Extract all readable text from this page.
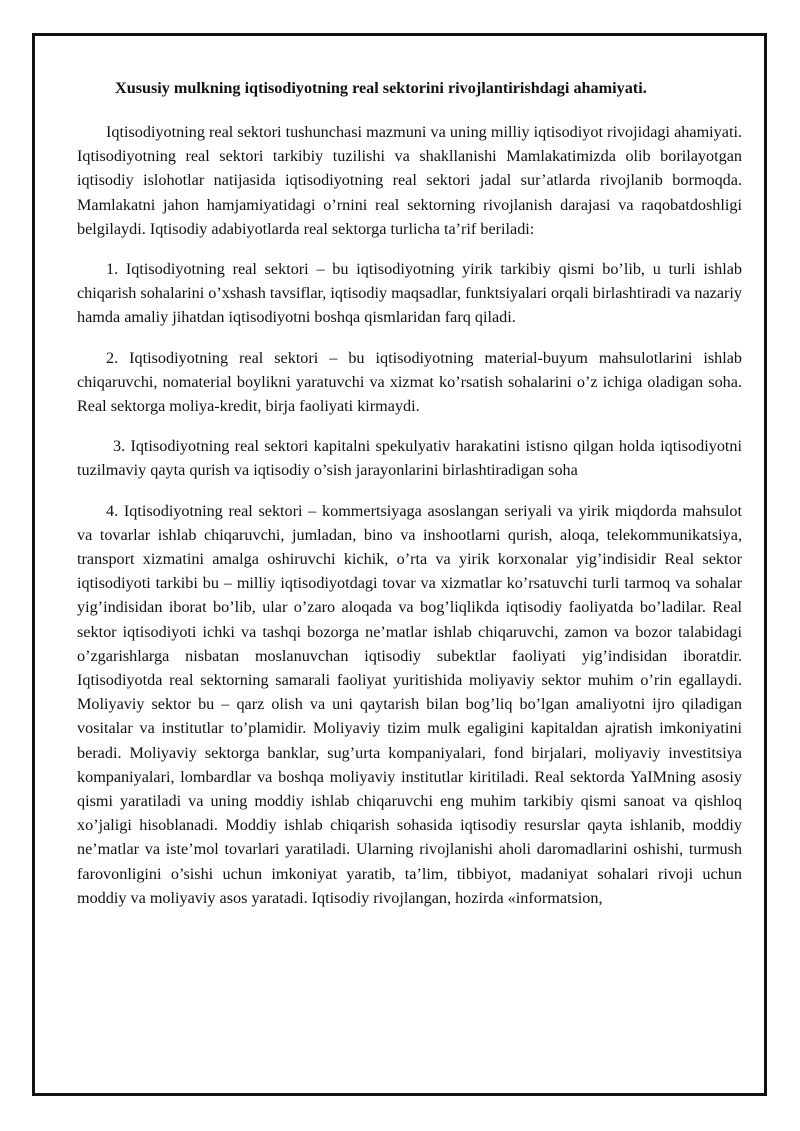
Xususiy mulkning iqtisodiyotning real sektorini rivojlantirishdagi ahamiyati.

Iqtisodiyotning real sektori tushunchasi mazmuni va uning milliy iqtisodiyot rivojidagi ahamiyati. Iqtisodiyotning real sektori tarkibiy tuzilishi va shakllanishi Mamlakatimizda olib borilayotgan iqtisodiy islohotlar natijasida iqtisodiyotning real sektori jadal sur’atlarda rivojlanib bormoqda. Mamlakatni jahon hamjamiyatidagi o’rnini real sektorning rivojlanish darajasi va raqobatdoshligi belgilaydi. Iqtisodiy adabiyotlarda real sektorga turlicha ta’rif beriladi:

1. Iqtisodiyotning real sektori – bu iqtisodiyotning yirik tarkibiy qismi bo’lib, u turli ishlab chiqarish sohalarini o’xshash tavsiflar, iqtisodiy maqsadlar, funktsiyalari orqali birlashtiradi va nazariy hamda amaliy jihatdan iqtisodiyotni boshqa qismlaridan farq qiladi.

2. Iqtisodiyotning real sektori – bu iqtisodiyotning material-buyum mahsulotlarini ishlab chiqaruvchi, nomaterial boylikni yaratuvchi va xizmat ko’rsatish sohalarini o’z ichiga oladigan soha. Real sektorga moliya-kredit, birja faoliyati kirmaydi.

3. Iqtisodiyotning real sektori kapitalni spekulyativ harakatini istisno qilgan holda iqtisodiyotni tuzilmaviy qayta qurish va iqtisodiy o’sish jarayonlarini birlashtiradigan soha

4. Iqtisodiyotning real sektori – kommertsiyaga asoslangan seriyali va yirik miqdorda mahsulot va tovarlar ishlab chiqaruvchi, jumladan, bino va inshootlarni qurish, aloqa, telekommunikatsiya, transport xizmatini amalga oshiruvchi kichik, o’rta va yirik korxonalar yig’indisidir Real sektor iqtisodiyoti tarkibi bu – milliy iqtisodiyotdagi tovar va xizmatlar ko’rsatuvchi turli tarmoq va sohalar yig’indisidan iborat bo’lib, ular o’zaro aloqada va bog’liqlikda iqtisodiy faoliyatda bo’ladilar. Real sektor iqtisodiyoti ichki va tashqi bozorga ne’matlar ishlab chiqaruvchi, zamon va bozor talabidagi o’zgarishlarga nisbatan moslanuvchan iqtisodiy subektlar faoliyati yig’indisidan iboratdir. Iqtisodiyotda real sektorning samarali faoliyat yuritishida moliyaviy sektor muhim o’rin egallaydi. Moliyaviy sektor bu – qarz olish va uni qaytarish bilan bog’liq bo’lgan amaliyotni ijro qiladigan vositalar va institutlar to’plamidir. Moliyaviy tizim mulk egaligini kapitaldan ajratish imkoniyatini beradi. Moliyaviy sektorga banklar, sug’urta kompaniyalari, fond birjalari, moliyaviy investitsiya kompaniyalari, lombardlar va boshqa moliyaviy institutlar kiritiladi. Real sektorda YaIMning asosiy qismi yaratiladi va uning moddiy ishlab chiqaruvchi eng muhim tarkibiy qismi sanoat va qishloq xo’jaligi hisoblanadi. Moddiy ishlab chiqarish sohasida iqtisodiy resurslar qayta ishlanib, moddiy ne’matlar va iste’mol tovarlari yaratiladi. Ularning rivojlanishi aholi daromadlarini oshishi, turmush farovonligini o’sishi uchun imkoniyat yaratib, ta’lim, tibbiyot, madaniyat sohalari rivoji uchun moddiy va moliyaviy asos yaratadi. Iqtisodiy rivojlangan, hozirda «informatsion,
